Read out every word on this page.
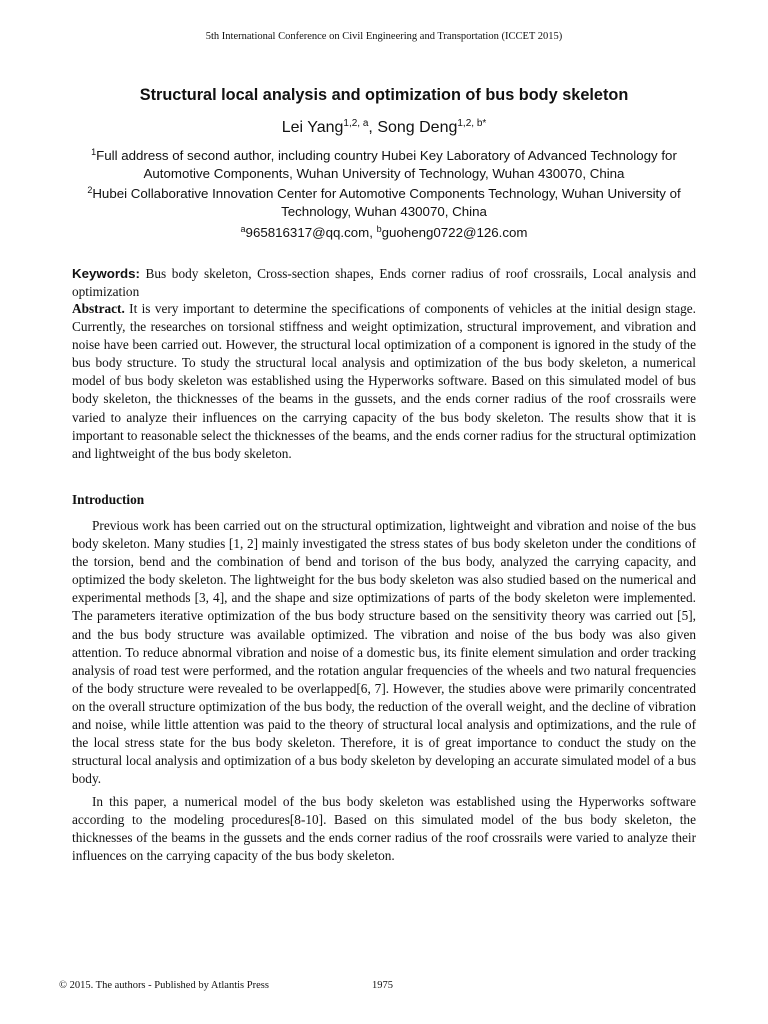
5th International Conference on Civil Engineering and Transportation (ICCET 2015)
Structural local analysis and optimization of bus body skeleton
Lei Yang$^{1,2, a}$, Song Deng$^{1,2, b*}$

$^1$Full address of second author, including country Hubei Key Laboratory of Advanced Technology for Automotive Components, Wuhan University of Technology, Wuhan 430070, China

$^2$Hubei Collaborative Innovation Center for Automotive Components Technology, Wuhan University of Technology, Wuhan 430070, China

$^a$965816317@qq.com, $^b$guoheng0722@126.com

Keywords: Bus body skeleton, Cross-section shapes, Ends corner radius of roof crossrails, Local analysis and optimization

Abstract. It is very important to determine the specifications of components of vehicles at the initial design stage. Currently, the researches on torsional stiffness and weight optimization, structural improvement, and vibration and noise have been carried out. However, the structural local optimization of a component is ignored in the study of the bus body structure. To study the structural local analysis and optimization of the bus body skeleton, a numerical model of bus body skeleton was established using the Hyperworks software. Based on this simulated model of bus body skeleton, the thicknesses of the beams in the gussets, and the ends corner radius of the roof crossrails were varied to analyze their influences on the carrying capacity of the bus body skeleton. The results show that it is important to reasonable select the thicknesses of the beams, and the ends corner radius for the structural optimization and lightweight of the bus body skeleton.

Introduction

Previous work has been carried out on the structural optimization, lightweight and vibration and noise of the bus body skeleton. Many studies [1, 2] mainly investigated the stress states of bus body skeleton under the conditions of the torsion, bend and the combination of bend and torison of the bus body, analyzed the carrying capacity, and optimized the body skeleton. The lightweight for the bus body skeleton was also studied based on the numerical and experimental methods [3, 4], and the shape and size optimizations of parts of the body skeleton were implemented. The parameters iterative optimization of the bus body structure based on the sensitivity theory was carried out [5], and the bus body structure was available optimized. The vibration and noise of the bus body was also given attention. To reduce abnormal vibration and noise of a domestic bus, its finite element simulation and order tracking analysis of road test were performed, and the rotation angular frequencies of the wheels and two natural frequencies of the body structure were revealed to be overlapped[6, 7]. However, the studies above were primarily concentrated on the overall structure optimization of the bus body, the reduction of the overall weight, and the decline of vibration and noise, while little attention was paid to the theory of structural local analysis and optimizations, and the rule of the local stress state for the bus body skeleton. Therefore, it is of great importance to conduct the study on the structural local analysis and optimization of a bus body skeleton by developing an accurate simulated model of a bus body.

In this paper, a numerical model of the bus body skeleton was established using the Hyperworks software according to the modeling procedures[8-10]. Based on this simulated model of the bus body skeleton, the thicknesses of the beams in the gussets and the ends corner radius of the roof crossrails were varied to analyze their influences on the carrying capacity of the bus body skeleton.

© 2015. The authors - Published by Atlantis Press	1975
